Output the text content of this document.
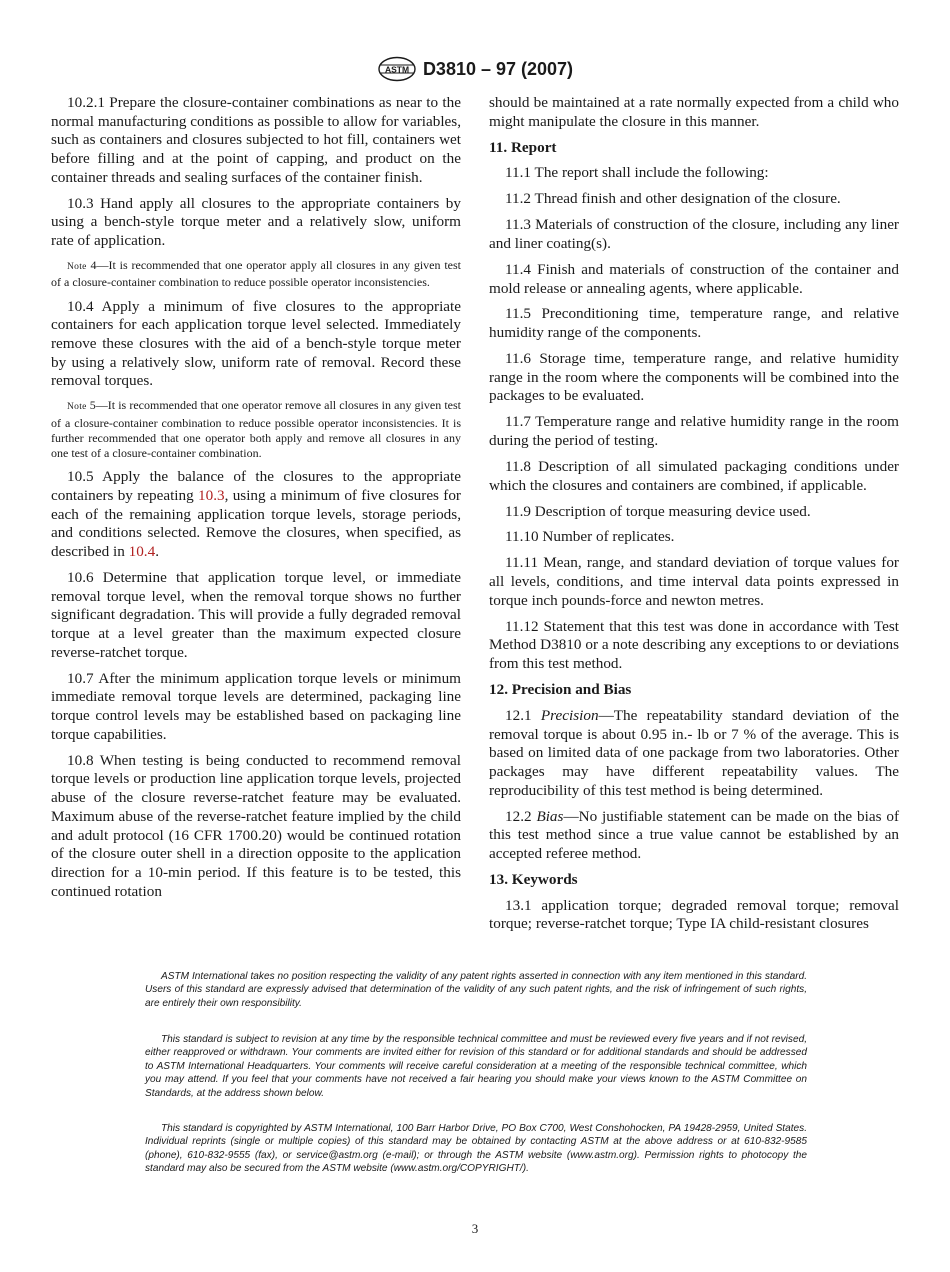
ASTM D3810 – 97 (2007)

10.2.1 Prepare the closure-container combinations as near to the normal manufacturing conditions as possible to allow for variables, such as containers and closures subjected to hot fill, containers wet before filling and at the point of capping, and product on the container threads and sealing surfaces of the container finish.

10.3 Hand apply all closures to the appropriate containers by using a bench-style torque meter and a relatively slow, uniform rate of application.

Note 4—It is recommended that one operator apply all closures in any given test of a closure-container combination to reduce possible operator inconsistencies.

10.4 Apply a minimum of five closures to the appropriate containers for each application torque level selected. Immediately remove these closures with the aid of a bench-style torque meter by using a relatively slow, uniform rate of removal. Record these removal torques.

Note 5—It is recommended that one operator remove all closures in any given test of a closure-container combination to reduce possible operator inconsistencies. It is further recommended that one operator both apply and remove all closures in any one test of a closure-container combination.

10.5 Apply the balance of the closures to the appropriate containers by repeating 10.3, using a minimum of five closures for each of the remaining application torque levels, storage periods, and conditions selected. Remove the closures, when specified, as described in 10.4.

10.6 Determine that application torque level, or immediate removal torque level, when the removal torque shows no further significant degradation. This will provide a fully degraded removal torque at a level greater than the maximum expected closure reverse-ratchet torque.

10.7 After the minimum application torque levels or minimum immediate removal torque levels are determined, packaging line torque control levels may be established based on packaging line torque capabilities.

10.8 When testing is being conducted to recommend removal torque levels or production line application torque levels, projected abuse of the closure reverse-ratchet feature may be evaluated. Maximum abuse of the reverse-ratchet feature implied by the child and adult protocol (16 CFR 1700.20) would be continued rotation of the closure outer shell in a direction opposite to the application direction for a 10-min period. If this feature is to be tested, this continued rotation

should be maintained at a rate normally expected from a child who might manipulate the closure in this manner.

11. Report

11.1 The report shall include the following:

11.2 Thread finish and other designation of the closure.

11.3 Materials of construction of the closure, including any liner and liner coating(s).

11.4 Finish and materials of construction of the container and mold release or annealing agents, where applicable.

11.5 Preconditioning time, temperature range, and relative humidity range of the components.

11.6 Storage time, temperature range, and relative humidity range in the room where the components will be combined into the packages to be evaluated.

11.7 Temperature range and relative humidity range in the room during the period of testing.

11.8 Description of all simulated packaging conditions under which the closures and containers are combined, if applicable.

11.9 Description of torque measuring device used.

11.10 Number of replicates.

11.11 Mean, range, and standard deviation of torque values for all levels, conditions, and time interval data points expressed in torque inch pounds-force and newton metres.

11.12 Statement that this test was done in accordance with Test Method D3810 or a note describing any exceptions to or deviations from this test method.

12. Precision and Bias

12.1 Precision—The repeatability standard deviation of the removal torque is about 0.95 in.- lb or 7 % of the average. This is based on limited data of one package from two laboratories. Other packages may have different repeatability values. The reproducibility of this test method is being determined.

12.2 Bias—No justifiable statement can be made on the bias of this test method since a true value cannot be established by an accepted referee method.

13. Keywords

13.1 application torque; degraded removal torque; removal torque; reverse-ratchet torque; Type IA child-resistant closures

ASTM International takes no position respecting the validity of any patent rights asserted in connection with any item mentioned in this standard. Users of this standard are expressly advised that determination of the validity of any such patent rights, and the risk of infringement of such rights, are entirely their own responsibility.

This standard is subject to revision at any time by the responsible technical committee and must be reviewed every five years and if not revised, either reapproved or withdrawn. Your comments are invited either for revision of this standard or for additional standards and should be addressed to ASTM International Headquarters. Your comments will receive careful consideration at a meeting of the responsible technical committee, which you may attend. If you feel that your comments have not received a fair hearing you should make your views known to the ASTM Committee on Standards, at the address shown below.

This standard is copyrighted by ASTM International, 100 Barr Harbor Drive, PO Box C700, West Conshohocken, PA 19428-2959, United States. Individual reprints (single or multiple copies) of this standard may be obtained by contacting ASTM at the above address or at 610-832-9585 (phone), 610-832-9555 (fax), or service@astm.org (e-mail); or through the ASTM website (www.astm.org). Permission rights to photocopy the standard may also be secured from the ASTM website (www.astm.org/COPYRIGHT/).

3
